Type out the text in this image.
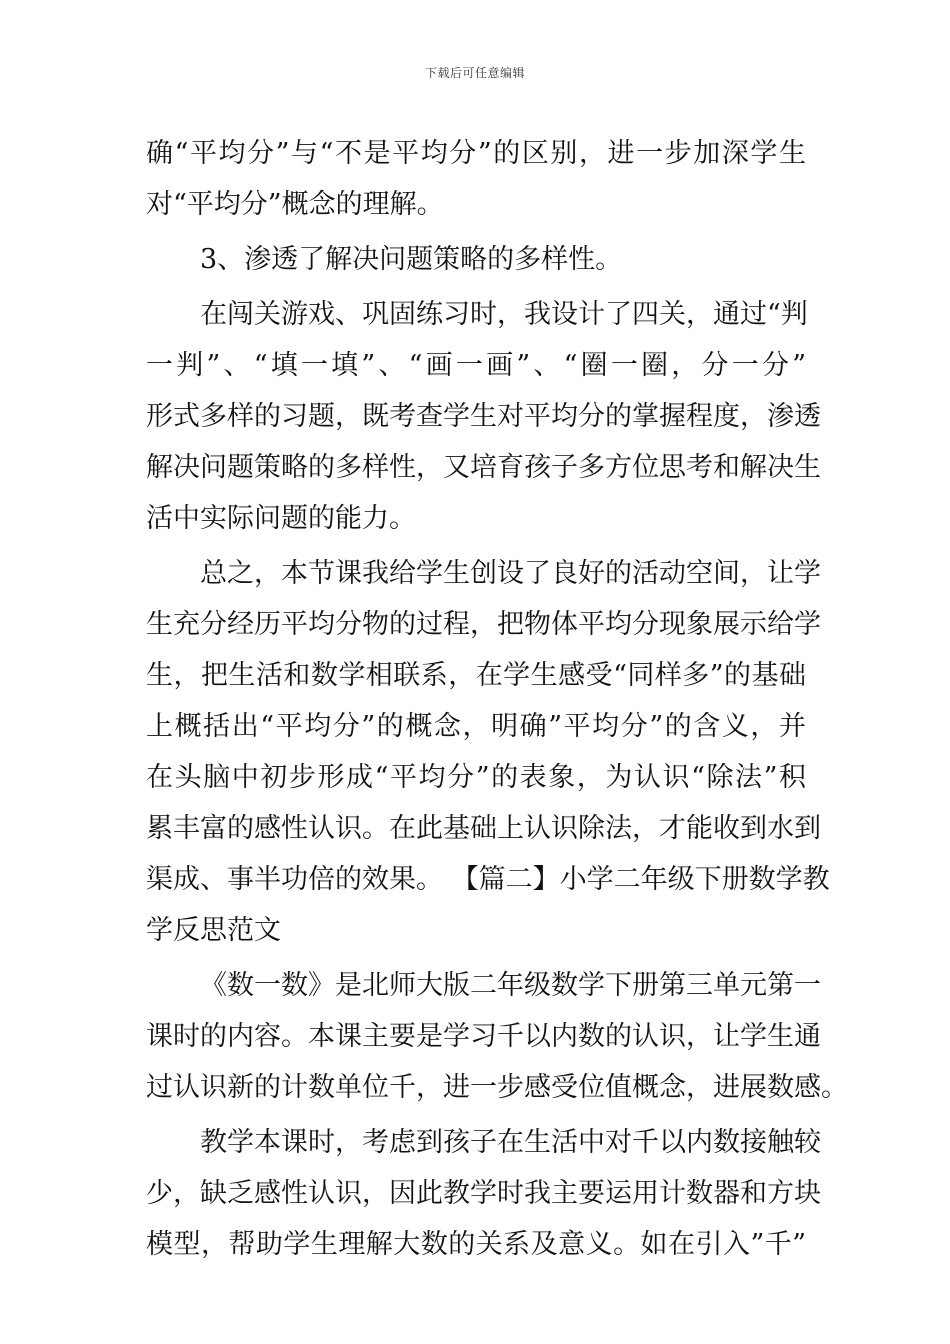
下载后可任意编辑
确“平均分”与“不是平均分”的区别，进一步加深学生
对“平均分”概念的理解。
3、渗透了解决问题策略的多样性。
在闯关游戏、巩固练习时，我设计了四关，通过“判
一判”、“填一填”、“画一画”、“圈一圈，分一分”
形式多样的习题，既考查学生对平均分的掌握程度，渗透
解决问题策略的多样性，又培育孩子多方位思考和解决生
活中实际问题的能力。
总之，本节课我给学生创设了良好的活动空间，让学
生充分经历平均分物的过程，把物体平均分现象展示给学
生，把生活和数学相联系，在学生感受“同样多”的基础
上概括出“平均分”的概念，明确”平均分”的含义，并
在头脑中初步形成“平均分”的表象，为认识“除法”积
累丰富的感性认识。在此基础上认识除法，才能收到水到
渠成、事半功倍的效果。 【篇二】小学二年级下册数学教
学反思范文
《数一数》是北师大版二年级数学下册第三单元第一
课时的内容。本课主要是学习千以内数的认识，让学生通
过认识新的计数单位千，进一步感受位值概念，进展数感。
教学本课时，考虑到孩子在生活中对千以内数接触较
少，缺乏感性认识，因此教学时我主要运用计数器和方块
模型，帮助学生理解大数的关系及意义。如在引入”千”
